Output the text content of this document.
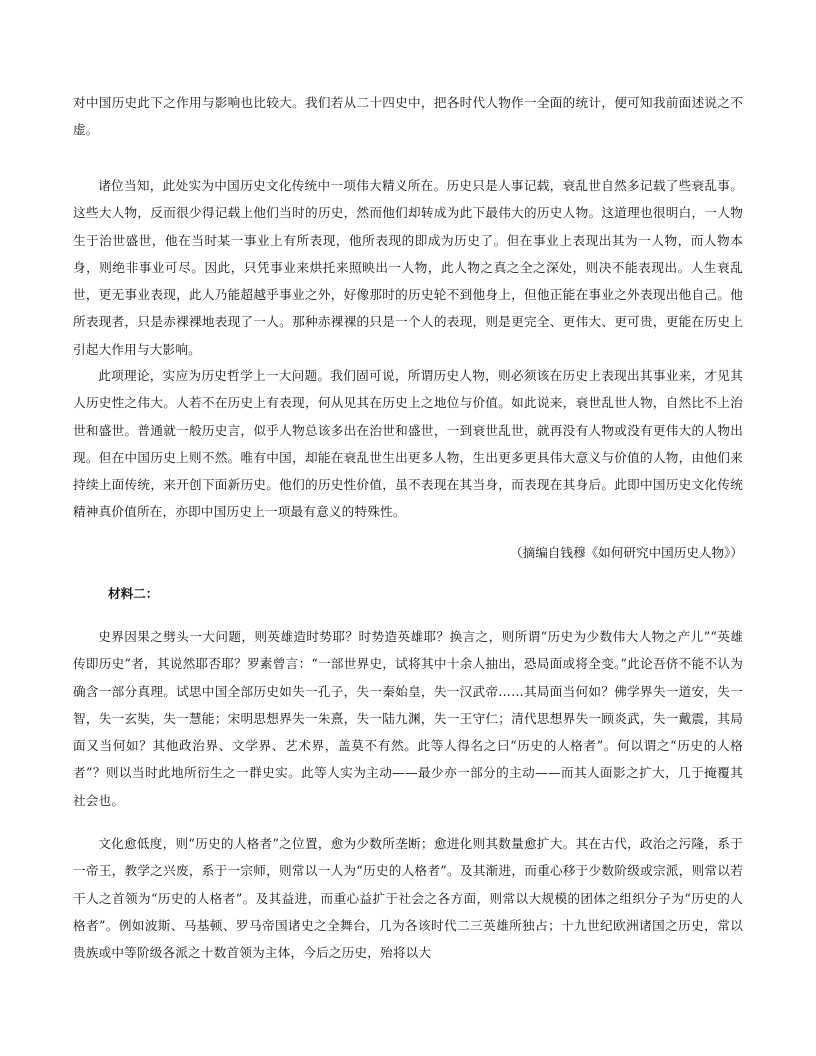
对中国历史此下之作用与影响也比较大。我们若从二十四史中，把各时代人物作一全面的统计，便可知我前面述说之不虚。

诸位当知，此处实为中国历史文化传统中一项伟大精义所在。历史只是人事记载，衰乱世自然多记载了些衰乱事。这些大人物，反而很少得记载上他们当时的历史，然而他们却转成为此下最伟大的历史人物。这道理也很明白，一人物生于治世盛世，他在当时某一事业上有所表现，他所表现的即成为历史了。但在事业上表现出其为一人物，而人物本身，则绝非事业可尽。因此，只凭事业来烘托来照映出一人物，此人物之真之全之深处，则决不能表现出。人生衰乱世，更无事业表现，此人乃能超越乎事业之外，好像那时的历史轮不到他身上，但他正能在事业之外表现出他自己。他所表现者，只是赤裸裸地表现了一人。那种赤裸裸的只是一个人的表现，则是更完全、更伟大、更可贵，更能在历史上引起大作用与大影响。

此项理论，实应为历史哲学上一大问题。我们固可说，所谓历史人物，则必须该在历史上表现出其事业来，才见其人历史性之伟大。人若不在历史上有表现，何从见其在历史上之地位与价值。如此说来，衰世乱世人物，自然比不上治世和盛世。普通就一般历史言，似乎人物总该多出在治世和盛世，一到衰世乱世，就再没有人物或没有更伟大的人物出现。但在中国历史上则不然。唯有中国，却能在衰乱世生出更多人物，生出更多更具伟大意义与价值的人物，由他们来持续上面传统，来开创下面新历史。他们的历史性价值，虽不表现在其当身，而表现在其身后。此即中国历史文化传统精神真价值所在，亦即中国历史上一项最有意义的特殊性。

（摘编自钱穆《如何研究中国历史人物》）

材料二：

史界因果之劈头一大问题，则英雄造时势耶？时势造英雄耶？换言之，则所谓“历史为少数伟大人物之产儿”“英雄传即历史”者，其说然耶否耶？罗素曾言：“一部世界史，试将其中十余人抽出，恐局面或将全变。”此论吾侪不能不认为确含一部分真理。试思中国全部历史如失一孔子，失一秦始皇，失一汉武帝……其局面当何如？佛学界失一道安，失一智，失一玄奘，失一慧能；宋明思想界失一朱熹，失一陆九渊，失一王守仁；清代思想界失一顾炎武，失一戴震，其局面又当何如？其他政治界、文学界、艺术界，盖莫不有然。此等人得名之曰“历史的人格者”。何以谓之“历史的人格者”？则以当时此地所衍生之一群史实。此等人实为主动——最少亦一部分的主动——而其人面影之扩大，几于掩覆其社会也。

文化愈低度，则“历史的人格者”之位置，愈为少数所垄断；愈进化则其数量愈扩大。其在古代，政治之污隆，系于一帝王，教学之兴废，系于一宗师，则常以一人为“历史的人格者”。及其渐进，而重心移于少数阶级或宗派，则常以若干人之首领为“历史的人格者”。及其益进，而重心益扩于社会之各方面，则常以大规模的团体之组织分子为“历史的人格者”。例如波斯、马基顿、罗马帝国诸史之全舞台，几为各该时代二三英雄所独占；十九世纪欧洲诸国之历史，常以贵族或中等阶级各派之十数首领为主体，今后之历史，殆将以大
